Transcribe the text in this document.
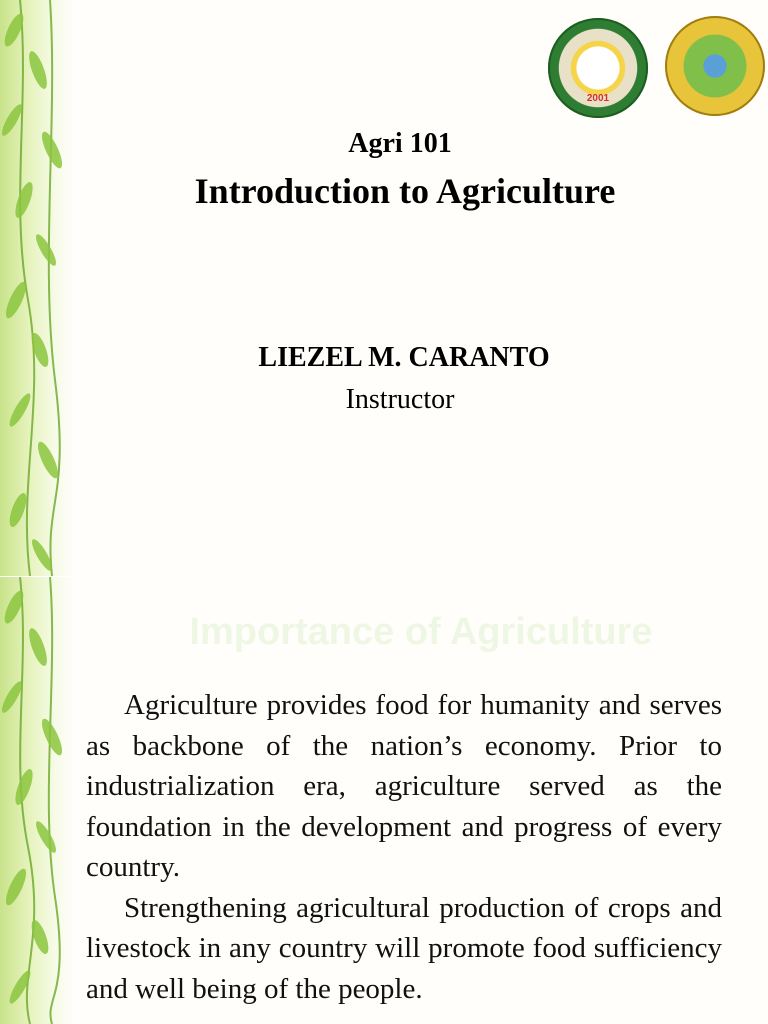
2001
Agri 101
Introduction to Agriculture
LIEZEL M. CARANTO
Instructor
Importance of Agriculture

Agriculture provides food for humanity and serves as backbone of the nation’s economy. Prior to industrialization era, agriculture served as the foundation in the development and progress of every country.

Strengthening agricultural production of crops and livestock in any country will promote food sufficiency and well being of the people.
